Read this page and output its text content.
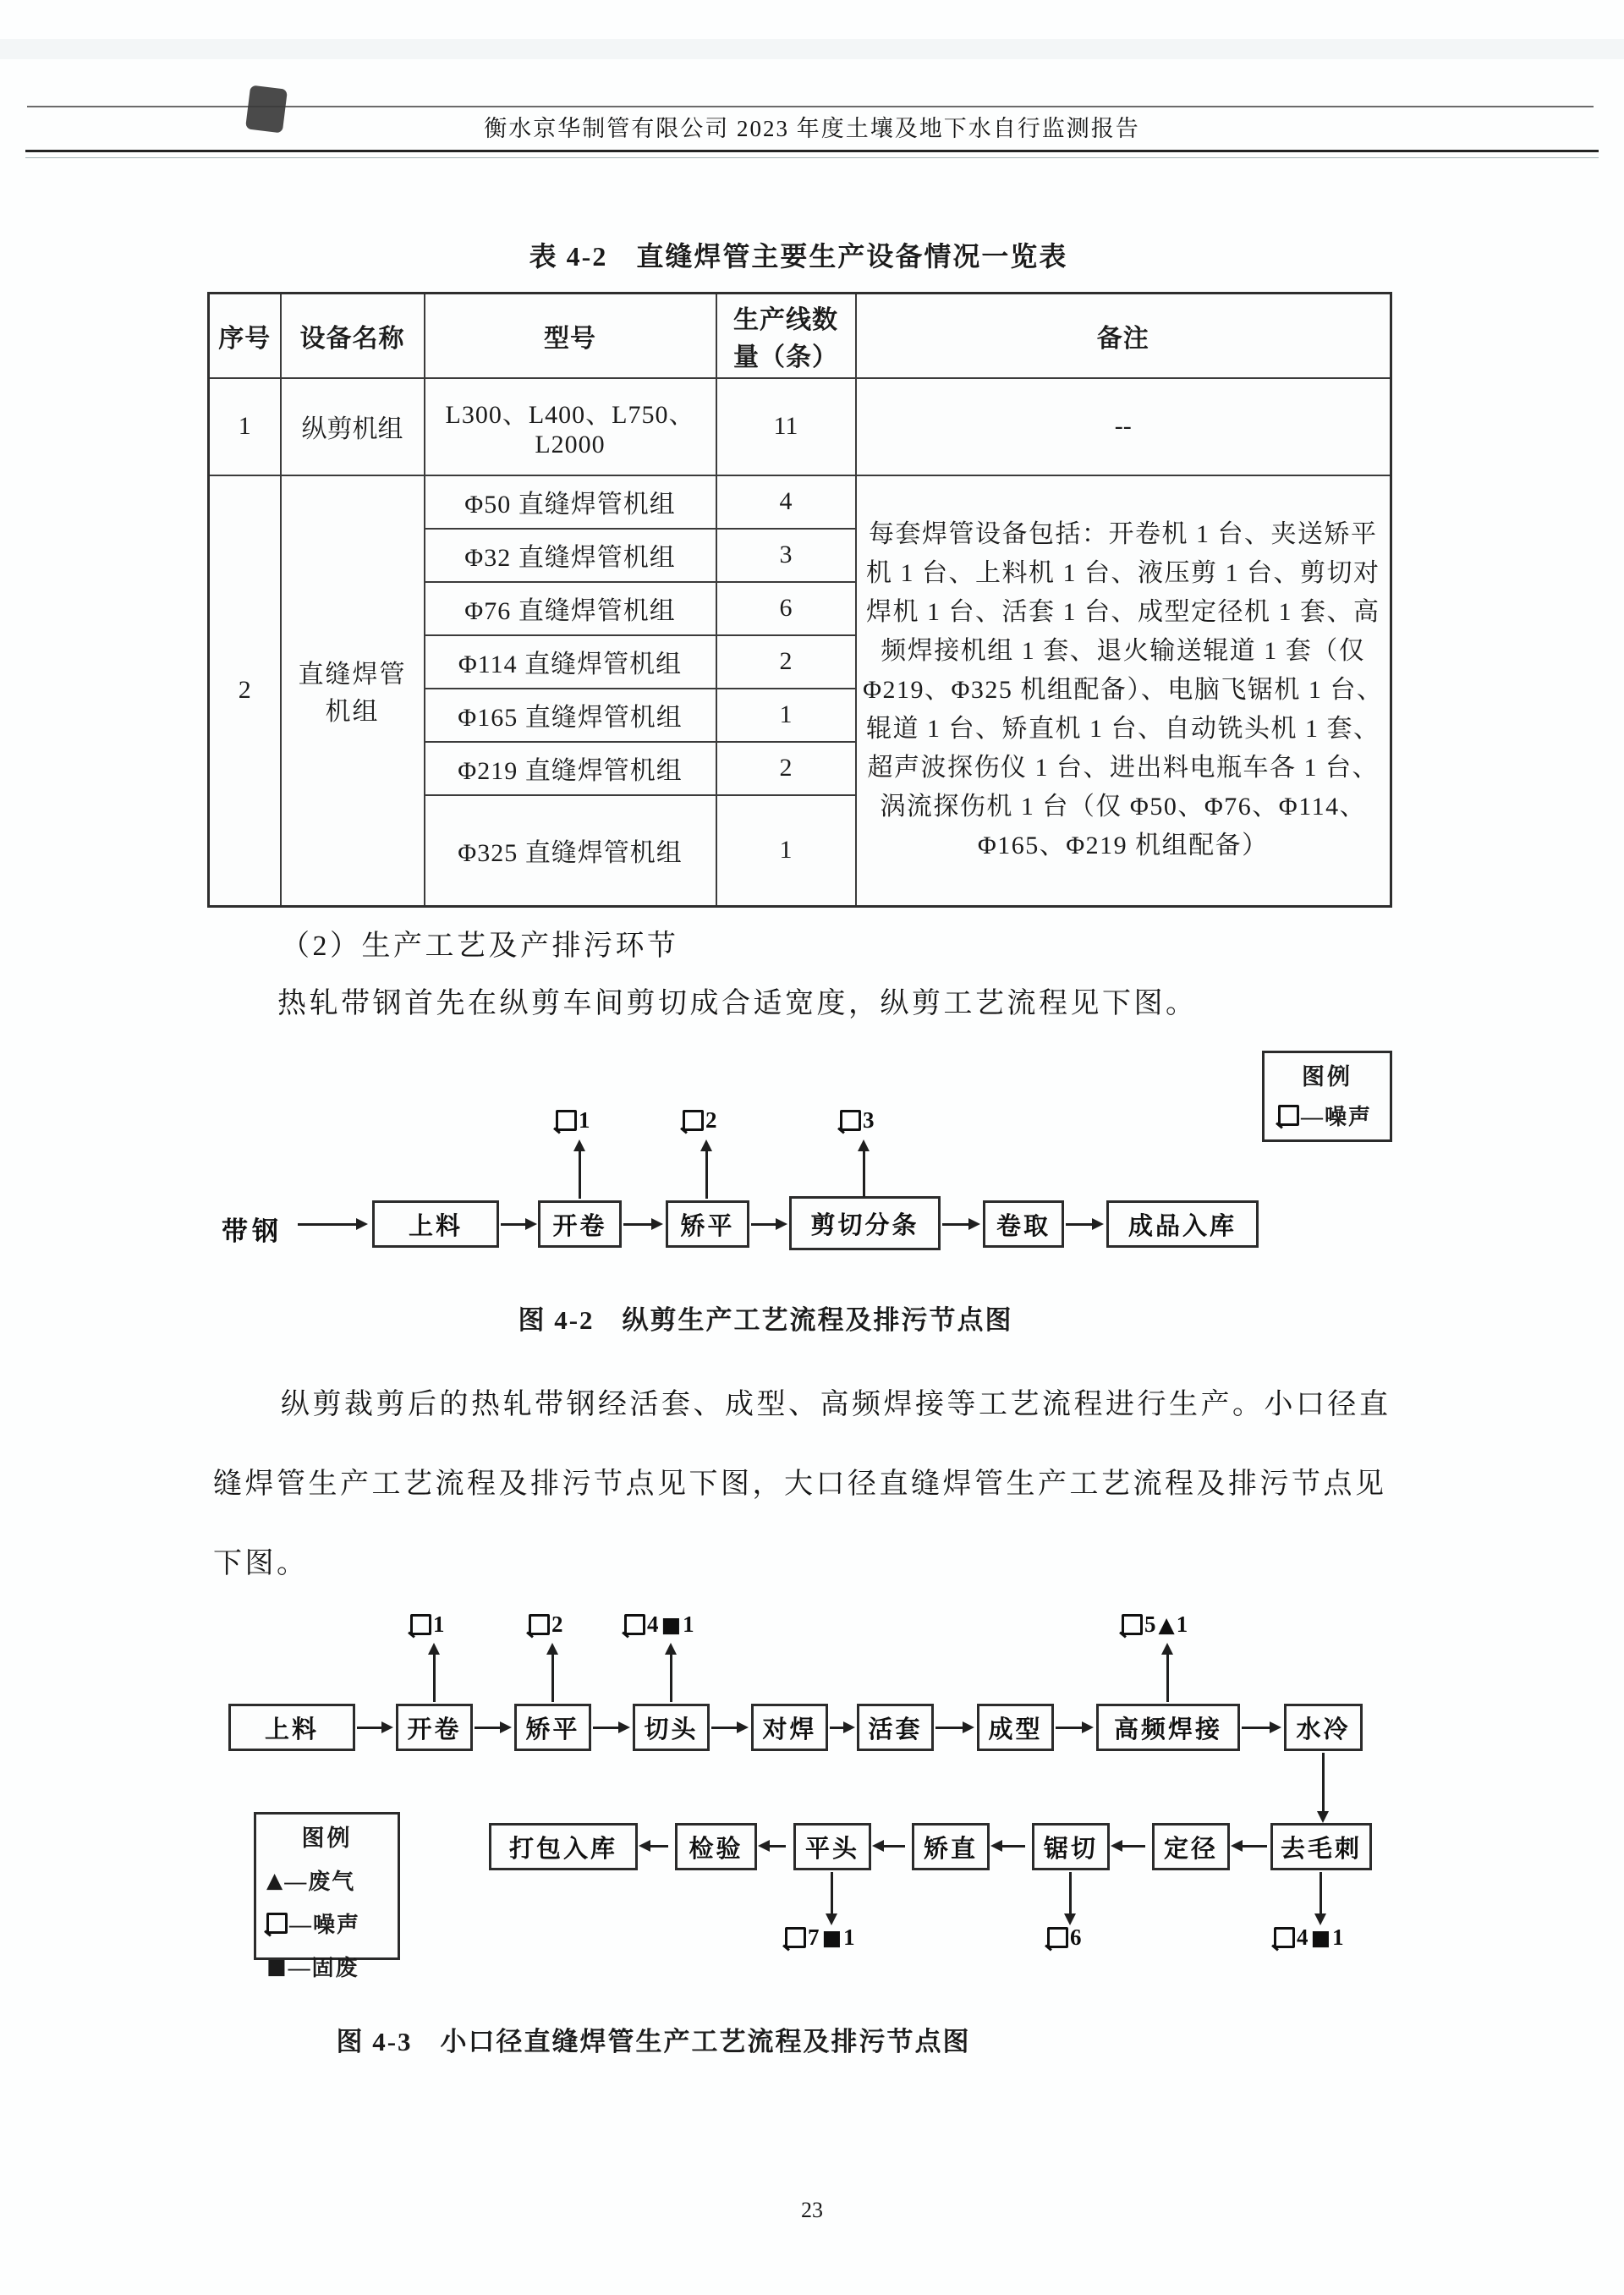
衡水京华制管有限公司 2023 年度土壤及地下水自行监测报告
表 4-2　直缝焊管主要生产设备情况一览表
序号	设备名称	型号	生产线数量（条）	备注
1	纵剪机组	L300、L400、L750、L2000	11	--
2	直缝焊管机组	Φ50 直缝焊管机组	4	每套焊管设备包括：开卷机 1 台、夹送矫平机 1 台、上料机 1 台、液压剪 1 台、剪切对焊机 1 台、活套 1 台、成型定径机 1 套、高频焊接机组 1 套、退火输送辊道 1 套（仅 Φ219、Φ325 机组配备）、电脑飞锯机 1 台、辊道 1 台、矫直机 1 台、自动铣头机 1 套、超声波探伤仪 1 台、进出料电瓶车各 1 台、涡流探伤机 1 台（仅 Φ50、Φ76、Φ114、Φ165、Φ219 机组配备）
		Φ32 直缝焊管机组	3	
		Φ76 直缝焊管机组	6	
		Φ114 直缝焊管机组	2	
		Φ165 直缝焊管机组	1	
		Φ219 直缝焊管机组	2	
		Φ325 直缝焊管机组	1	
（2）生产工艺及产排污环节
热轧带钢首先在纵剪车间剪切成合适宽度，纵剪工艺流程见下图。
带钢	上料	开卷	矫平	剪切分条	卷取	成品入库
1	2	3
图例
—噪声
图 4-2　纵剪生产工艺流程及排污节点图
纵剪裁剪后的热轧带钢经活套、成型、高频焊接等工艺流程进行生产。小口径直
缝焊管生产工艺流程及排污节点见下图，大口径直缝焊管生产工艺流程及排污节点见
下图。
上料	开卷	矫平	切头	对焊	活套	成型	高频焊接	水冷
1	2	4 ■ 1	5 ▲ 1
去毛刺
定径
锯切
矫直
平头
检验
打包入库
7 ■ 1	6	4 ■ 1
图例
▲ —废气
—噪声
■ —固废
图 4-3　小口径直缝焊管生产工艺流程及排污节点图
23
